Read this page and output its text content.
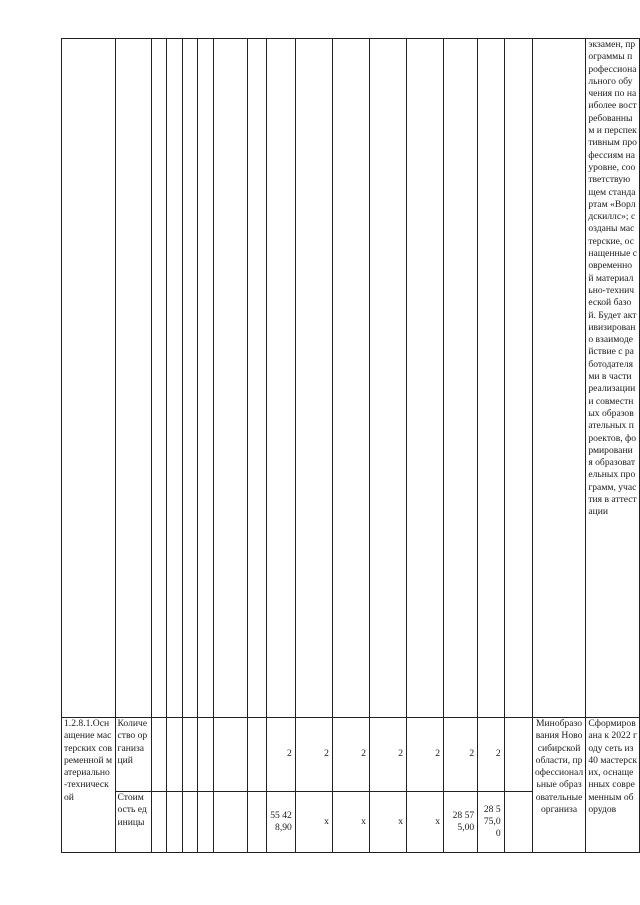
																	экзамен, программы профессионального обучения по наиболее востребованным и перспективным профессиям на уровне, соответствующем стандартам «Ворлдскиллс»; созданы мастерские, оснащенные современной материально-технической базой. Будет активизировано взаимодействие с работодателями в части реализации и совместных образовательных проектов, формирования образовательных программ, участия в аттестации
1.2.8.1.Оснащение мастерских современной материально-технической	Количество организаций							2	2	2	2	2	2	2		Минобразования Новосибирской области, профессиональные образовательные организа	Сформирована к 2022 году сеть из 40 мастерских, оснащенных современным оборудов
	Стоимость единицы							55 428,90	x	x	x	x	28 575,00	28 575,00			
